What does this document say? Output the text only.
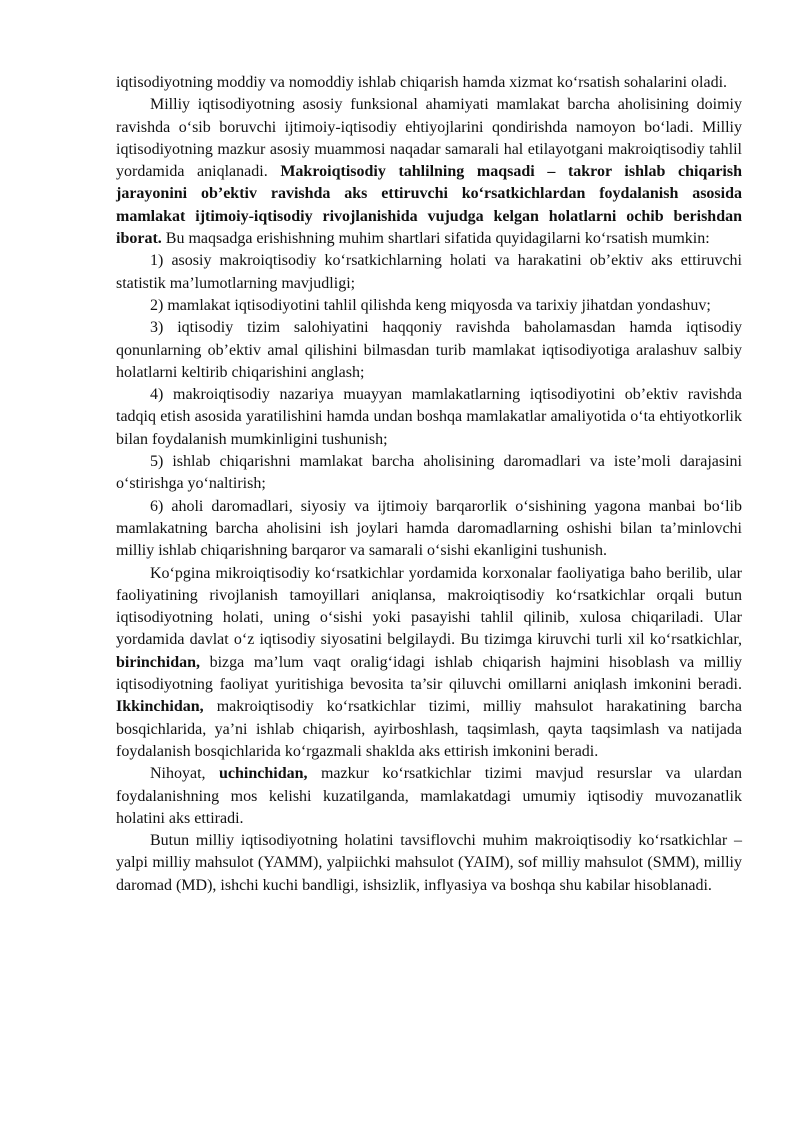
iqtisodiyotning moddiy va nomoddiy ishlab chiqarish hamda xizmat ko‘rsatish sohalarini oladi.

Milliy iqtisodiyotning asosiy funksional ahamiyati mamlakat barcha aholisining doimiy ravishda o‘sib boruvchi ijtimoiy-iqtisodiy ehtiyojlarini qondirishda namoyon bo‘ladi. Milliy iqtisodiyotning mazkur asosiy muammosi naqadar samarali hal etilayotgani makroiqtisodiy tahlil yordamida aniqlanadi. Makroiqtisodiy tahlilning maqsadi – takror ishlab chiqarish jarayonini ob’ektiv ravishda aks ettiruvchi ko‘rsatkichlardan foydalanish asosida mamlakat ijtimoiy-iqtisodiy rivojlanishida vujudga kelgan holatlarni ochib berishdan iborat. Bu maqsadga erishishning muhim shartlari sifatida quyidagilarni ko‘rsatish mumkin:

1) asosiy makroiqtisodiy ko‘rsatkichlarning holati va harakatini ob’ektiv aks ettiruvchi statistik ma’lumotlarning mavjudligi;

2) mamlakat iqtisodiyotini tahlil qilishda keng miqyosda va tarixiy jihatdan yondashuv;

3) iqtisodiy tizim salohiyatini haqqoniy ravishda baholamasdan hamda iqtisodiy qonunlarning ob’ektiv amal qilishini bilmasdan turib mamlakat iqtisodiyotiga aralashuv salbiy holatlarni keltirib chiqarishini anglash;

4) makroiqtisodiy nazariya muayyan mamlakatlarning iqtisodiyotini ob’ektiv ravishda tadqiq etish asosida yaratilishini hamda undan boshqa mamlakatlar amaliyotida o‘ta ehtiyotkorlik bilan foydalanish mumkinligini tushunish;

5) ishlab chiqarishni mamlakat barcha aholisining daromadlari va iste’moli darajasini o‘stirishga yo‘naltirish;

6) aholi daromadlari, siyosiy va ijtimoiy barqarorlik o‘sishining yagona manbai bo‘lib mamlakatning barcha aholisini ish joylari hamda daromadlarning oshishi bilan ta’minlovchi milliy ishlab chiqarishning barqaror va samarali o‘sishi ekanligini tushunish.

Ko‘pgina mikroiqtisodiy ko‘rsatkichlar yordamida korxonalar faoliyatiga baho berilib, ular faoliyatining rivojlanish tamoyillari aniqlansa, makroiqtisodiy ko‘rsatkichlar orqali butun iqtisodiyotning holati, uning o‘sishi yoki pasayishi tahlil qilinib, xulosa chiqariladi. Ular yordamida davlat o‘z iqtisodiy siyosatini belgilaydi. Bu tizimga kiruvchi turli xil ko‘rsatkichlar, birinchidan, bizga ma’lum vaqt oralig‘idagi ishlab chiqarish hajmini hisoblash va milliy iqtisodiyotning faoliyat yuritishiga bevosita ta’sir qiluvchi omillarni aniqlash imkonini beradi. Ikkinchidan, makroiqtisodiy ko‘rsatkichlar tizimi, milliy mahsulot harakatining barcha bosqichlarida, ya’ni ishlab chiqarish, ayirboshlash, taqsimlash, qayta taqsimlash va natijada foydalanish bosqichlarida ko‘rgazmali shaklda aks ettirish imkonini beradi.

Nihoyat, uchinchidan, mazkur ko‘rsatkichlar tizimi mavjud resurslar va ulardan foydalanishning mos kelishi kuzatilganda, mamlakatdagi umumiy iqtisodiy muvozanatlik holatini aks ettiradi.

Butun milliy iqtisodiyotning holatini tavsiflovchi muhim makroiqtisodiy ko‘rsatkichlar – yalpi milliy mahsulot (YAMM), yalpiichki mahsulot (YAIM), sof milliy mahsulot (SMM), milliy daromad (MD), ishchi kuchi bandligi, ishsizlik, inflyasiya va boshqa shu kabilar hisoblanadi.
